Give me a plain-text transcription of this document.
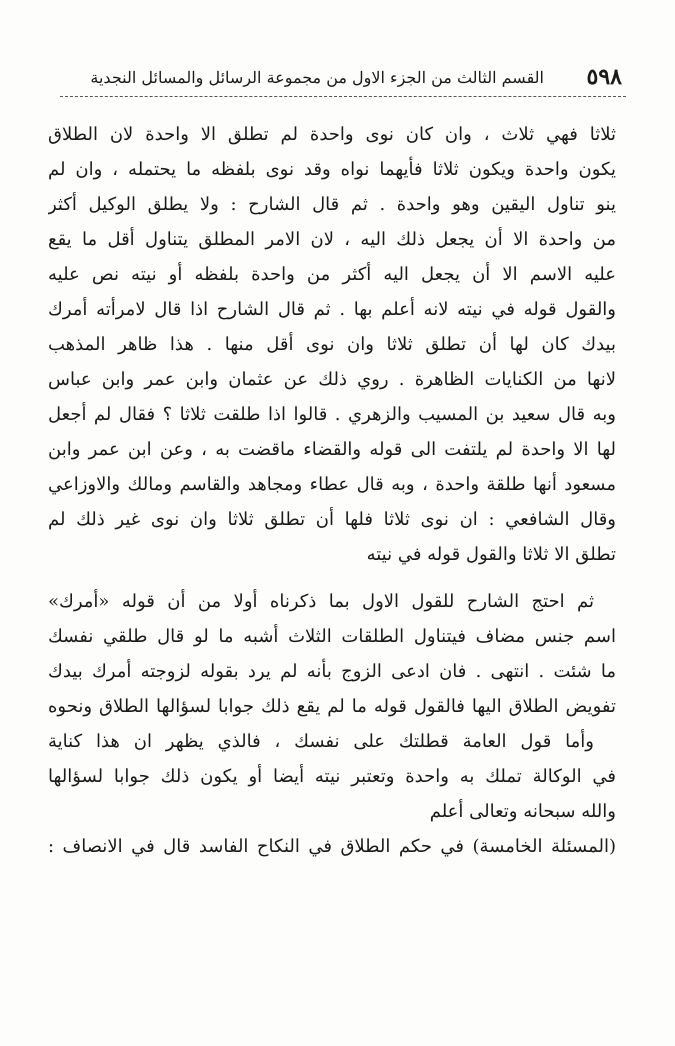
٥٩٨
القسم الثالث من الجزء الاول من مجموعة الرسائل والمسائل النجدية
ثلاثا فهي ثلاث ، وان كان نوى واحدة لم تطلق الا واحدة لان الطلاق
يكون واحدة ويكون ثلاثا فأيهما نواه وقد نوى بلفظه ما يحتمله ، وان لم
ينو تناول اليقين وهو واحدة . ثم قال الشارح : ولا يطلق الوكيل أكثر
من واحدة الا أن يجعل ذلك اليه ، لان الامر المطلق يتناول أقل ما يقع
عليه الاسم الا أن يجعل اليه أكثر من واحدة بلفظه أو نيته نص عليه
والقول قوله في نيته لانه أعلم بها . ثم قال الشارح اذا قال لامرأته أمرك
بيدك كان لها أن تطلق ثلاثا وان نوى أقل منها . هذا ظاهر المذهب
لانها من الكنايات الظاهرة . روي ذلك عن عثمان وابن عمر وابن عباس
وبه قال سعيد بن المسيب والزهري . قالوا اذا طلقت ثلاثا ؟ فقال لم أجعل
لها الا واحدة لم يلتفت الى قوله والقضاء ماقضت به ، وعن ابن عمر وابن
مسعود أنها طلقة واحدة ، وبه قال عطاء ومجاهد والقاسم ومالك والاوزاعي
وقال الشافعي : ان نوى ثلاثا فلها أن تطلق ثلاثا وان نوى غير ذلك لم
تطلق الا ثلاثا والقول قوله في نيته
ثم احتج الشارح للقول الاول بما ذكرناه أولا من أن قوله «أمرك»
اسم جنس مضاف فيتناول الطلقات الثلاث أشبه ما لو قال طلقي نفسك
ما شئت . انتهى . فان ادعى الزوج بأنه لم يرد بقوله لزوجته أمرك بيدك
تفويض الطلاق اليها فالقول قوله ما لم يقع ذلك جوابا لسؤالها الطلاق ونحوه
وأما قول العامة قطلتك على نفسك ، فالذي يظهر ان هذا كناية
في الوكالة تملك به واحدة وتعتبر نيته أيضا أو يكون ذلك جوابا لسؤالها
والله سبحانه وتعالى أعلم
(المسئلة الخامسة) في حكم الطلاق في النكاح الفاسد قال في الانصاف :
